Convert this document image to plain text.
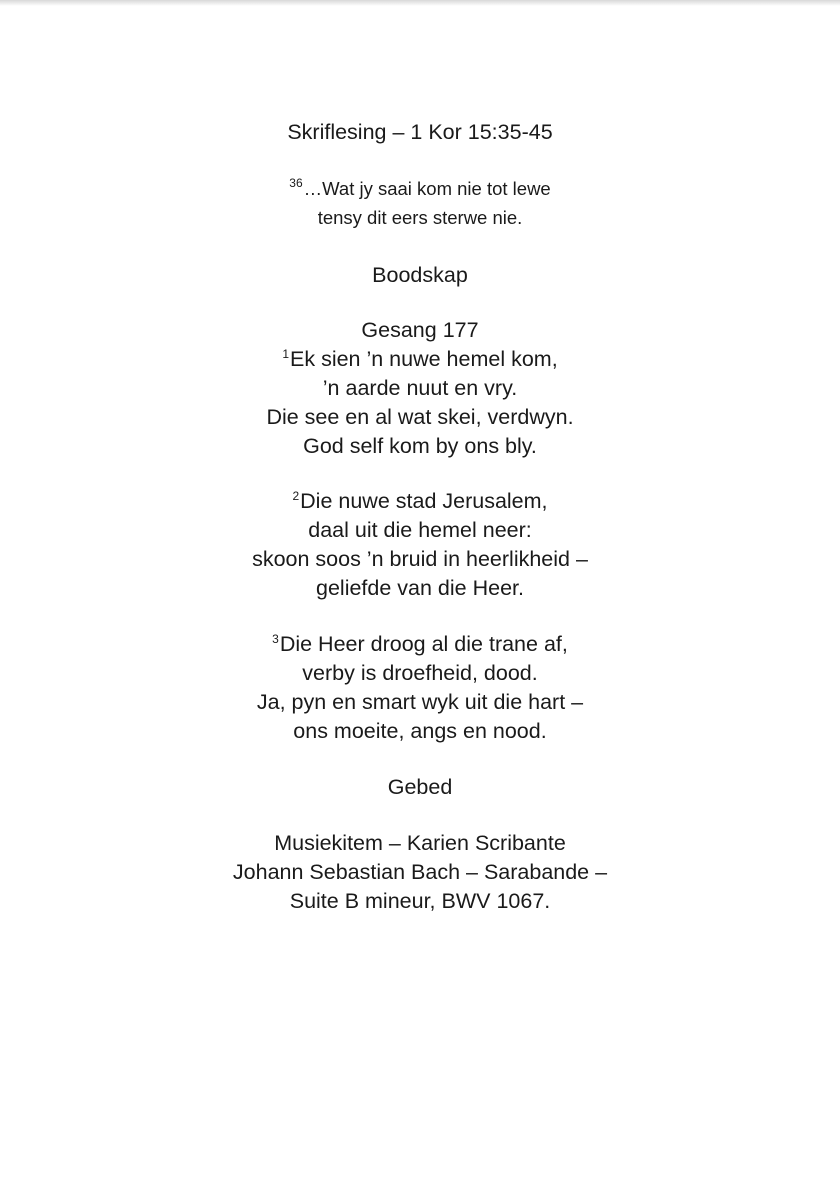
Skriflesing – 1 Kor 15:35-45
$^{36}$…Wat jy saai kom nie tot lewe
tensy dit eers sterwe nie.
Boodskap
Gesang 177
$^1$Ek sien ’n nuwe hemel kom,
’n aarde nuut en vry.
Die see en al wat skei, verdwyn.
God self kom by ons bly.
$^2$Die nuwe stad Jerusalem,
daal uit die hemel neer:
skoon soos ’n bruid in heerlikheid –
geliefde van die Heer.
$^3$Die Heer droog al die trane af,
verby is droefheid, dood.
Ja, pyn en smart wyk uit die hart –
ons moeite, angs en nood.
Gebed
Musiekitem – Karien Scribante
Johann Sebastian Bach – Sarabande –
Suite B mineur, BWV 1067.
